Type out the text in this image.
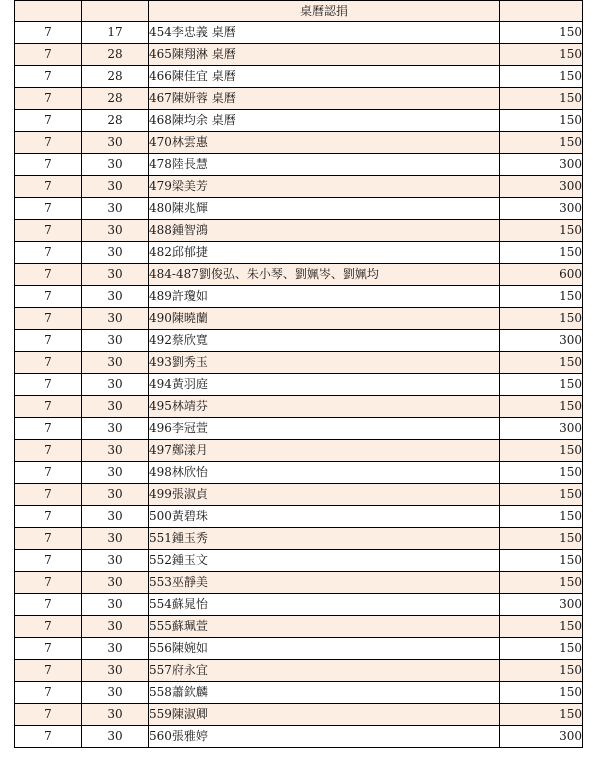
		桌曆認捐	
7	17	454李忠義 桌曆	150
7	28	465陳翔淋 桌曆	150
7	28	466陳佳宜 桌曆	150
7	28	467陳妍蓉 桌曆	150
7	28	468陳均余 桌曆	150
7	30	470林雲惠	150
7	30	478陸長慧	300
7	30	479梁美芳	300
7	30	480陳兆輝	300
7	30	488鍾智鴻	150
7	30	482邱郁捷	150
7	30	484-487劉俊弘、朱小琴、劉姵岑、劉姵均	600
7	30	489許瓊如	150
7	30	490陳曉蘭	150
7	30	492蔡欣寬	300
7	30	493劉秀玉	150
7	30	494黃羽庭	150
7	30	495林靖芬	150
7	30	496李冠萱	300
7	30	497鄭漾月	150
7	30	498林欣怡	150
7	30	499張淑貞	150
7	30	500黃碧珠	150
7	30	551鍾玉秀	150
7	30	552鍾玉文	150
7	30	553巫靜美	150
7	30	554蘇晁怡	300
7	30	555蘇珮萱	150
7	30	556陳婉如	150
7	30	557府永宜	150
7	30	558蕭欽麟	150
7	30	559陳淑卿	150
7	30	560張雅婷	300
